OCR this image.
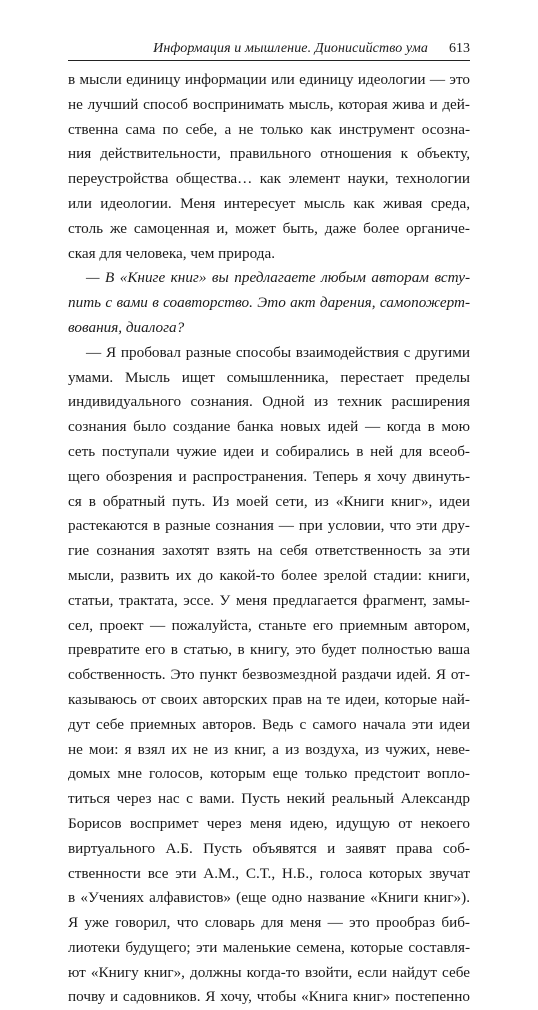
Информация и мышление. Дионисийство ума 613
в мысли единицу информации или единицу идеологии — это
не лучший способ воспринимать мысль, которая жива и дей-
ственна сама по себе, а не только как инструмент осозна-
ния действительности, правильного отношения к объекту,
переустройства общества… как элемент науки, технологии
или идеологии. Меня интересует мысль как живая среда,
столь же самоценная и, может быть, даже более органиче-
ская для человека, чем природа.
— В «Книге книг» вы предлагаете любым авторам всту-
пить с вами в соавторство. Это акт дарения, самопожерт-
вования, диалога?
— Я пробовал разные способы взаимодействия с другими
умами. Мысль ищет сомышленника, перестает пределы
индивидуального сознания. Одной из техник расширения
сознания было создание банка новых идей — когда в мою
сеть поступали чужие идеи и собирались в ней для всеоб-
щего обозрения и распространения. Теперь я хочу двинуть-
ся в обратный путь. Из моей сети, из «Книги книг», идеи
растекаются в разные сознания — при условии, что эти дру-
гие сознания захотят взять на себя ответственность за эти
мысли, развить их до какой-то более зрелой стадии: книги,
статьи, трактата, эссе. У меня предлагается фрагмент, замы-
сел, проект — пожалуйста, станьте его приемным автором,
превратите его в статью, в книгу, это будет полностью ваша
собственность. Это пункт безвозмездной раздачи идей. Я от-
казываюсь от своих авторских прав на те идеи, которые най-
дут себе приемных авторов. Ведь с самого начала эти идеи
не мои: я взял их не из книг, а из воздуха, из чужих, неве-
домых мне голосов, которым еще только предстоит вопло-
титься через нас с вами. Пусть некий реальный Александр
Борисов воспримет через меня идею, идущую от некоего
виртуального А.Б. Пусть объявятся и заявят права соб-
ственности все эти А.М., С.Т., Н.Б., голоса которых звучат
в «Учениях алфавистов» (еще одно название «Книги книг»).
Я уже говорил, что словарь для меня — это прообраз биб-
лиотеки будущего; эти маленькие семена, которые составля-
ют «Книгу книг», должны когда-то взойти, если найдут себе
почву и садовников. Я хочу, чтобы «Книга книг» постепенно
